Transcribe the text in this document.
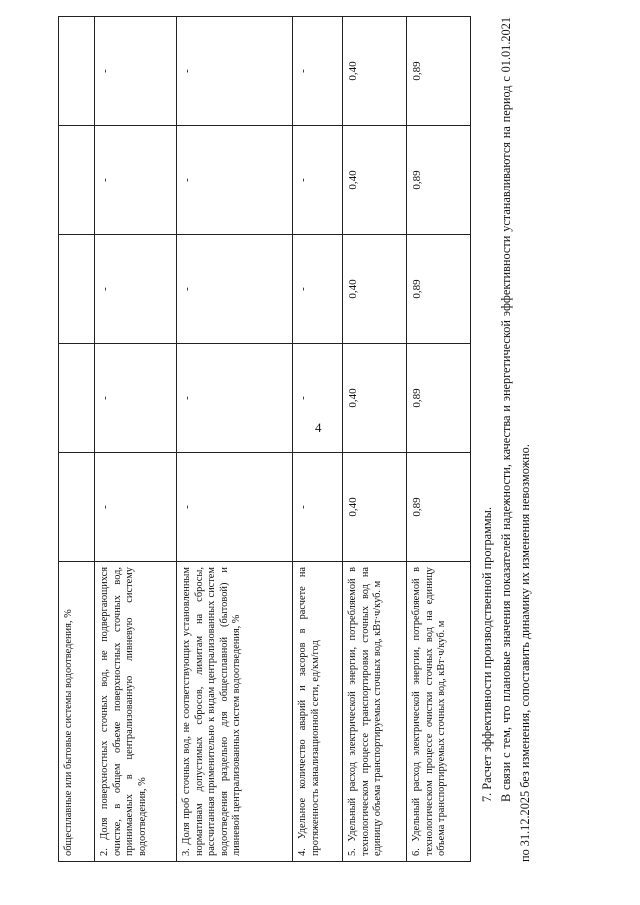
4
общесплавные или бытовые системы водоотведения, %					
2. Доля поверхностных сточных вод, не подвергающихся очистке, в общем объеме поверхностных сточных вод, принимаемых в централизованную ливневую систему водоотведения, %	-	-	-	-	-
3. Доля проб сточных вод, не соответствующих установленным нормативам допустимых сбросов, лимитам на сбросы, рассчитанная применительно к видам централизованных систем водоотведения раздельно для общесплавной (бытовой) и ливневой централизованных систем водоотведения, %	-	-	-	-	-
4. Удельное количество аварий и засоров в расчете на протяженность канализационной сети, ед/км/год	-	-	-	-	-
5. Удельный расход электрической энергии, потребляемой в технологическом процессе транспортировки сточных вод на единицу объема транспортируемых сточных вод, кВт·ч/куб. м	0,40	0,40	0,40	0,40	0,40
6. Удельный расход электрической энергии, потребляемой в технологическом процессе очистки сточных вод на единицу объема транспортируемых сточных вод, кВт·ч/куб. м	0,89	0,89	0,89	0,89	0,89
7. Расчет эффективности производственной программы. В связи с тем, что плановые значения показателей надежности, качества и энергетической эффективности устанавливаются на период с 01.01.2021 по 31.12.2025 без изменения, сопоставить динамику их изменения невозможно.
